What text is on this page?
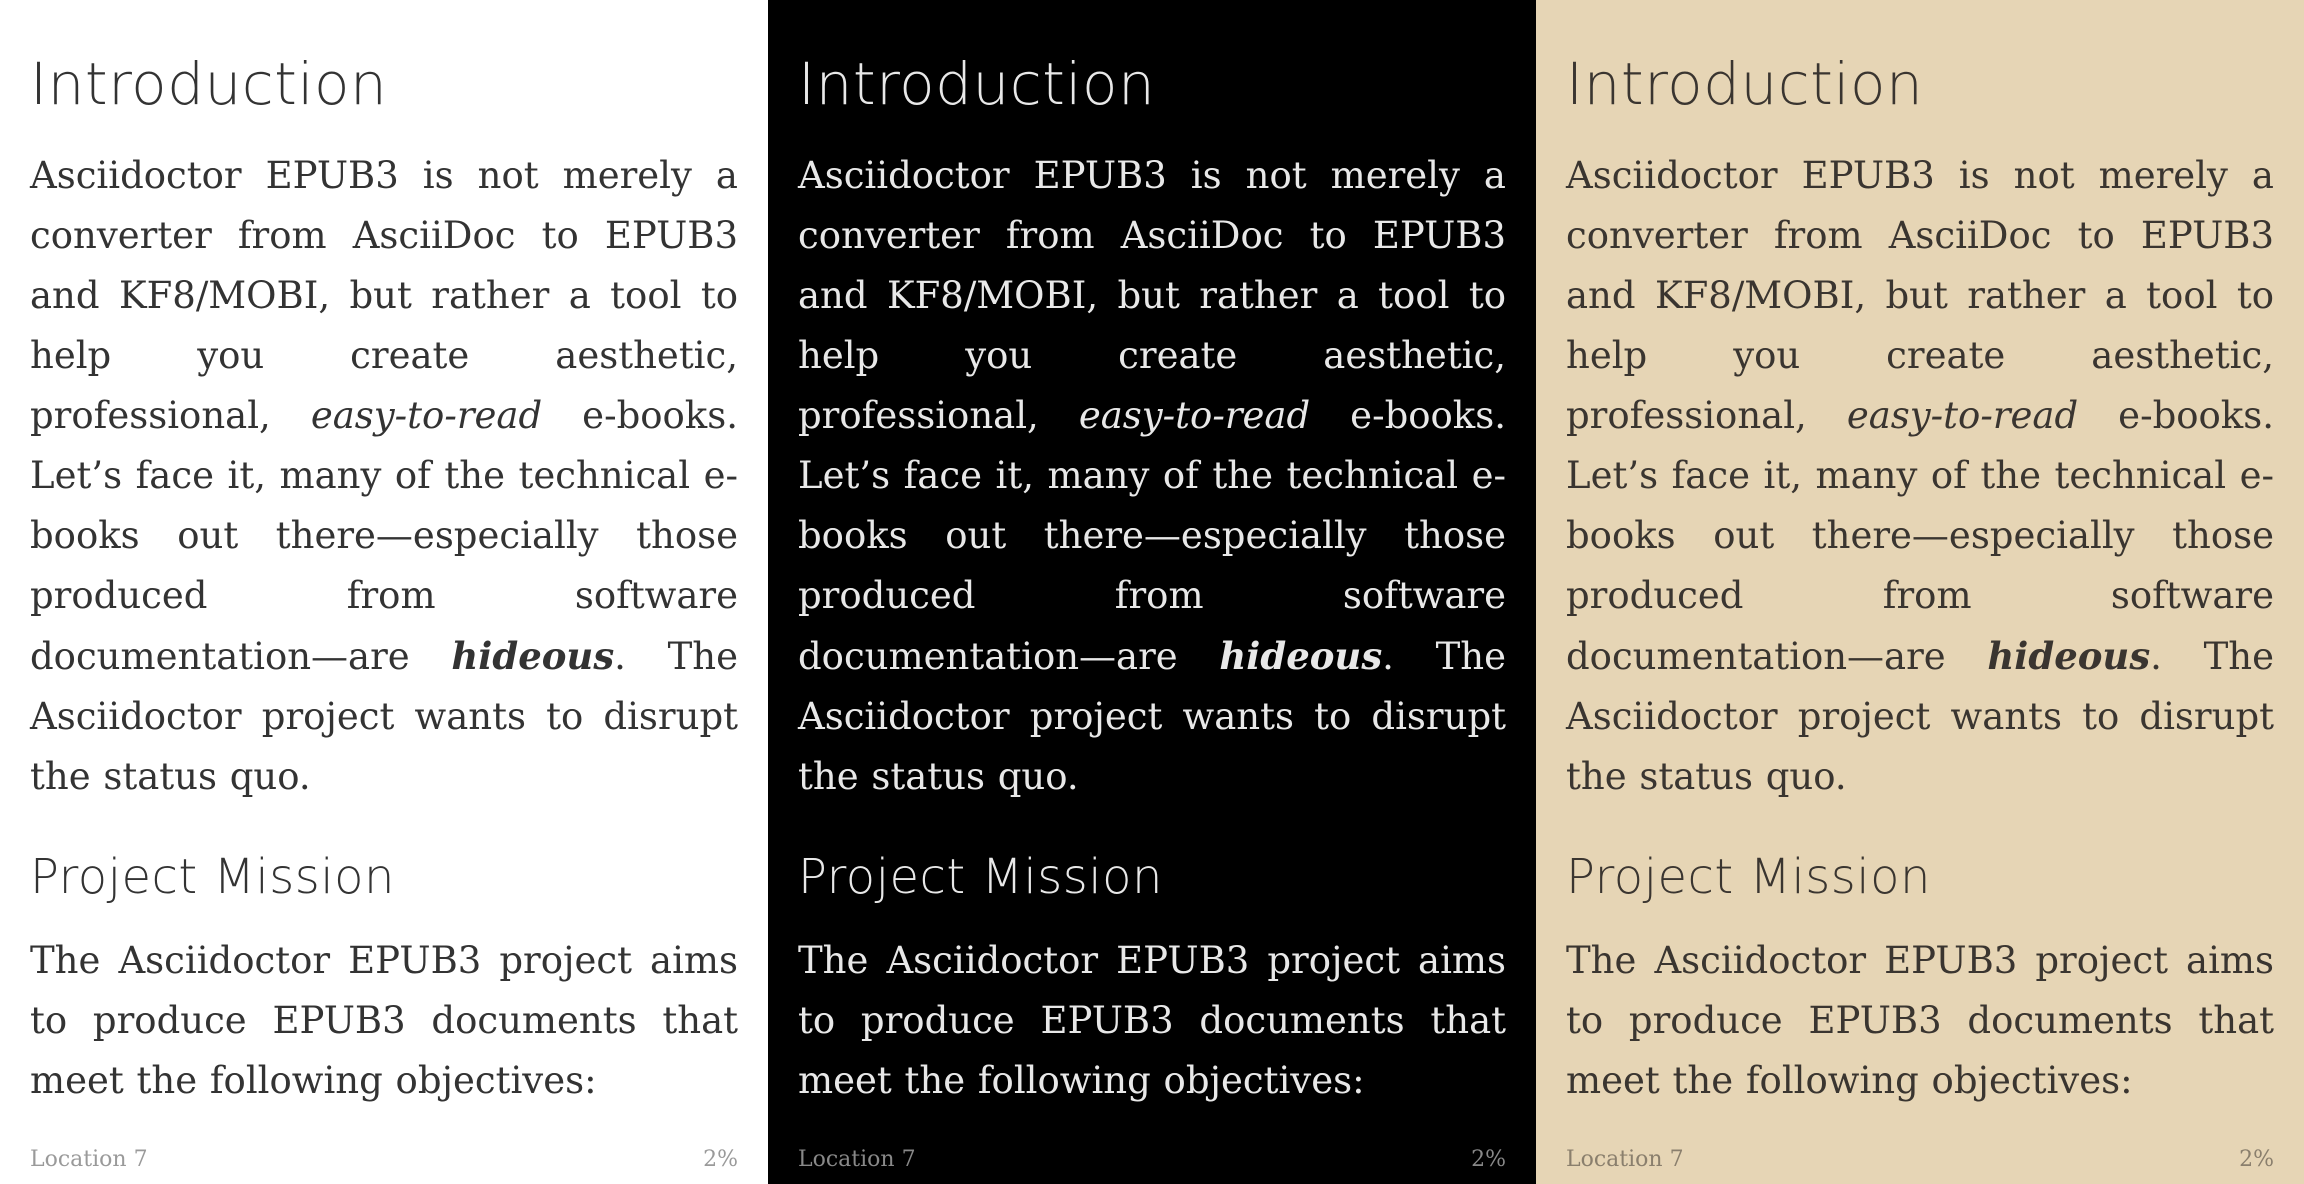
Introduction

Asciidoctor EPUB3 is not merely a converter from AsciiDoc to EPUB3 and KF8/MOBI, but rather a tool to help you create aesthetic, professional, easy-to-read e-books. Let’s face it, many of the technical e-books out there—especially those produced from software documentation—are hideous. The Asciidoctor project wants to disrupt the status quo.

Project Mission

The Asciidoctor EPUB3 project aims to produce EPUB3 documents that meet the following objectives:

Location 7	2%
Introduction

Asciidoctor EPUB3 is not merely a converter from AsciiDoc to EPUB3 and KF8/MOBI, but rather a tool to help you create aesthetic, professional, easy-to-read e-books. Let’s face it, many of the technical e-books out there—especially those produced from software documentation—are hideous. The Asciidoctor project wants to disrupt the status quo.

Project Mission

The Asciidoctor EPUB3 project aims to produce EPUB3 documents that meet the following objectives:

Location 7	2%
Introduction

Asciidoctor EPUB3 is not merely a converter from AsciiDoc to EPUB3 and KF8/MOBI, but rather a tool to help you create aesthetic, professional, easy-to-read e-books. Let’s face it, many of the technical e-books out there—especially those produced from software documentation—are hideous. The Asciidoctor project wants to disrupt the status quo.

Project Mission

The Asciidoctor EPUB3 project aims to produce EPUB3 documents that meet the following objectives:

Location 7	2%
